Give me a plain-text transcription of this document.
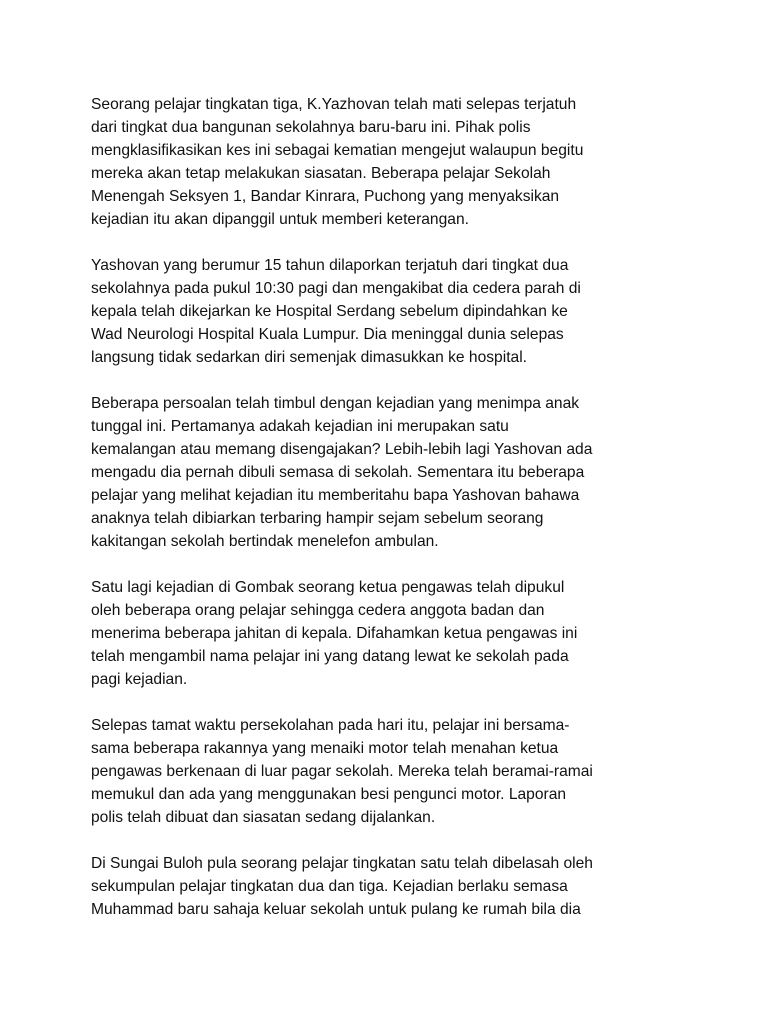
Seorang pelajar tingkatan tiga, K.Yazhovan telah mati selepas terjatuh
dari tingkat dua bangunan sekolahnya baru-baru ini. Pihak polis
mengklasifikasikan kes ini sebagai kematian mengejut walaupun begitu
mereka akan tetap melakukan siasatan. Beberapa pelajar Sekolah
Menengah Seksyen 1, Bandar Kinrara, Puchong yang menyaksikan
kejadian itu akan dipanggil untuk memberi keterangan.

Yashovan yang berumur 15 tahun dilaporkan terjatuh dari tingkat dua
sekolahnya pada pukul 10:30 pagi dan mengakibat dia cedera parah di
kepala telah dikejarkan ke Hospital Serdang sebelum dipindahkan ke
Wad Neurologi Hospital Kuala Lumpur. Dia meninggal dunia selepas
langsung tidak sedarkan diri semenjak dimasukkan ke hospital.

Beberapa persoalan telah timbul dengan kejadian yang menimpa anak
tunggal ini. Pertamanya adakah kejadian ini merupakan satu
kemalangan atau memang disengajakan? Lebih-lebih lagi Yashovan ada
mengadu dia pernah dibuli semasa di sekolah. Sementara itu beberapa
pelajar yang melihat kejadian itu memberitahu bapa Yashovan bahawa
anaknya telah dibiarkan terbaring hampir sejam sebelum seorang
kakitangan sekolah bertindak menelefon ambulan.

Satu lagi kejadian di Gombak seorang ketua pengawas telah dipukul
oleh beberapa orang pelajar sehingga cedera anggota badan dan
menerima beberapa jahitan di kepala. Difahamkan ketua pengawas ini
telah mengambil nama pelajar ini yang datang lewat ke sekolah pada
pagi kejadian.

Selepas tamat waktu persekolahan pada hari itu, pelajar ini bersama-
sama beberapa rakannya yang menaiki motor telah menahan ketua
pengawas berkenaan di luar pagar sekolah. Mereka telah beramai-ramai
memukul dan ada yang menggunakan besi pengunci motor. Laporan
polis telah dibuat dan siasatan sedang dijalankan.

Di Sungai Buloh pula seorang pelajar tingkatan satu telah dibelasah oleh
sekumpulan pelajar tingkatan dua dan tiga. Kejadian berlaku semasa
Muhammad baru sahaja keluar sekolah untuk pulang ke rumah bila dia
